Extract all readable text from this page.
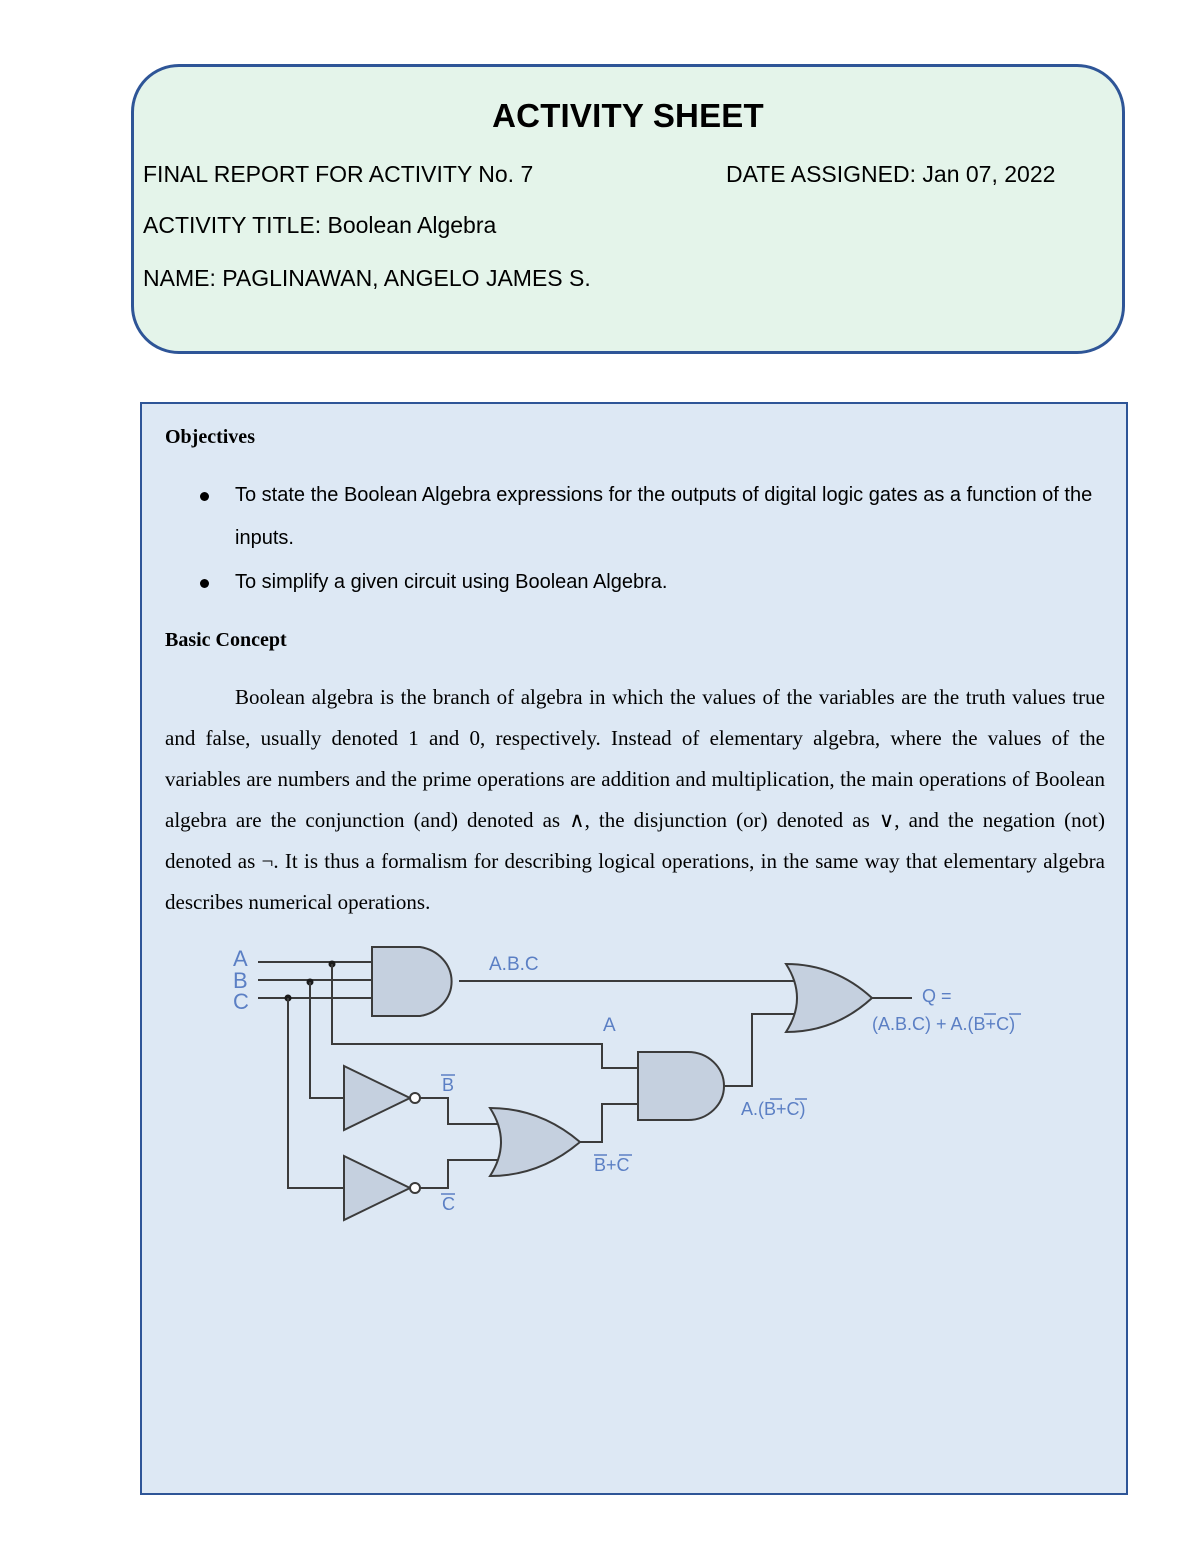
ACTIVITY SHEET
FINAL REPORT FOR ACTIVITY No. 7	DATE ASSIGNED: Jan 07, 2022
ACTIVITY TITLE: Boolean Algebra
NAME: PAGLINAWAN, ANGELO JAMES S.
Objectives
To state the Boolean Algebra expressions for the outputs of digital logic gates as a function of the inputs.
To simplify a given circuit using Boolean Algebra.
Basic Concept
Boolean algebra is the branch of algebra in which the values of the variables are the truth values true and false, usually denoted 1 and 0, respectively. Instead of elementary algebra, where the values of the variables are numbers and the prime operations are addition and multiplication, the main operations of Boolean algebra are the conjunction (and) denoted as ∧, the disjunction (or) denoted as ∨, and the negation (not) denoted as ¬. It is thus a formalism for describing logical operations, in the same way that elementary algebra describes numerical operations.
A
B
C
A.B.C
A
B
C
B+C
A.(B+C)
Q =
(A.B.C) + A.(B+C)
